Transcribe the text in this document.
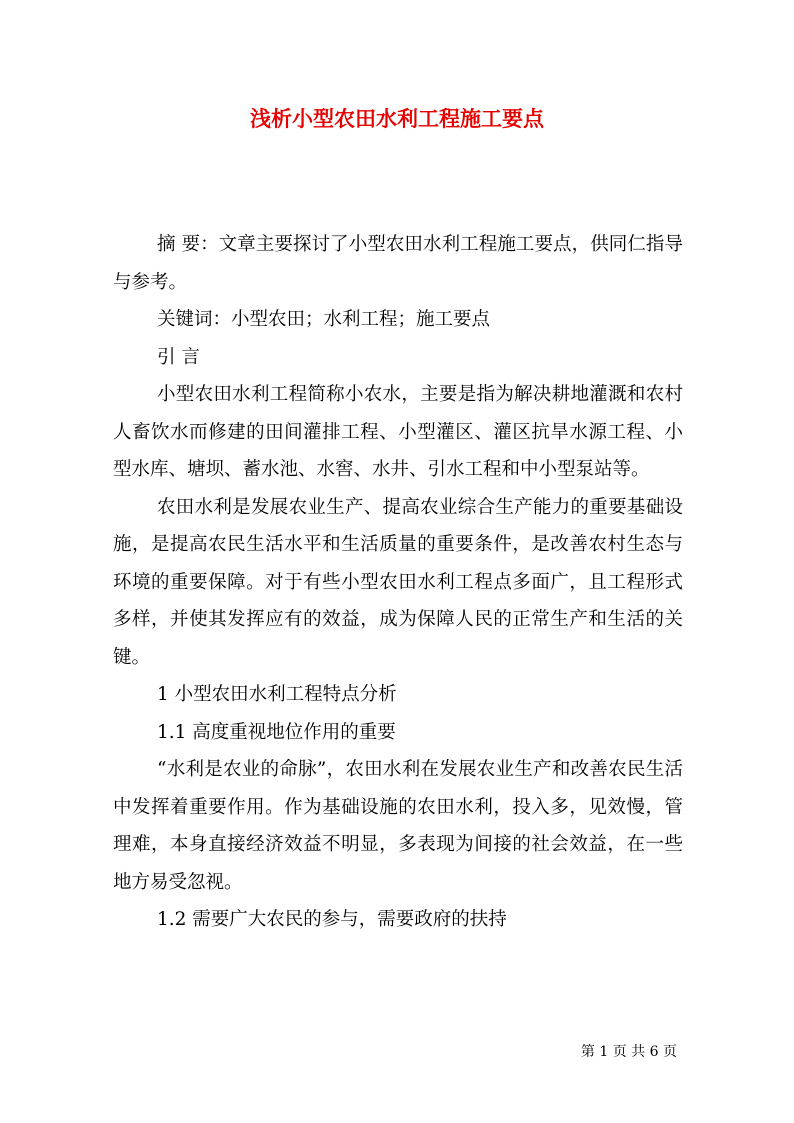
浅析小型农田水利工程施工要点

摘 要：文章主要探讨了小型农田水利工程施工要点，供同仁指导与参考。

关键词：小型农田；水利工程；施工要点

引 言

小型农田水利工程简称小农水，主要是指为解决耕地灌溉和农村人畜饮水而修建的田间灌排工程、小型灌区、灌区抗旱水源工程、小型水库、塘坝、蓄水池、水窖、水井、引水工程和中小型泵站等。

农田水利是发展农业生产、提高农业综合生产能力的重要基础设施，是提高农民生活水平和生活质量的重要条件，是改善农村生态与环境的重要保障。对于有些小型农田水利工程点多面广，且工程形式多样，并使其发挥应有的效益，成为保障人民的正常生产和生活的关键。

1 小型农田水利工程特点分析

1.1 高度重视地位作用的重要

“水利是农业的命脉”，农田水利在发展农业生产和改善农民生活中发挥着重要作用。作为基础设施的农田水利，投入多，见效慢，管理难，本身直接经济效益不明显，多表现为间接的社会效益，在一些地方易受忽视。

1.2 需要广大农民的参与，需要政府的扶持

第 1 页 共 6 页
